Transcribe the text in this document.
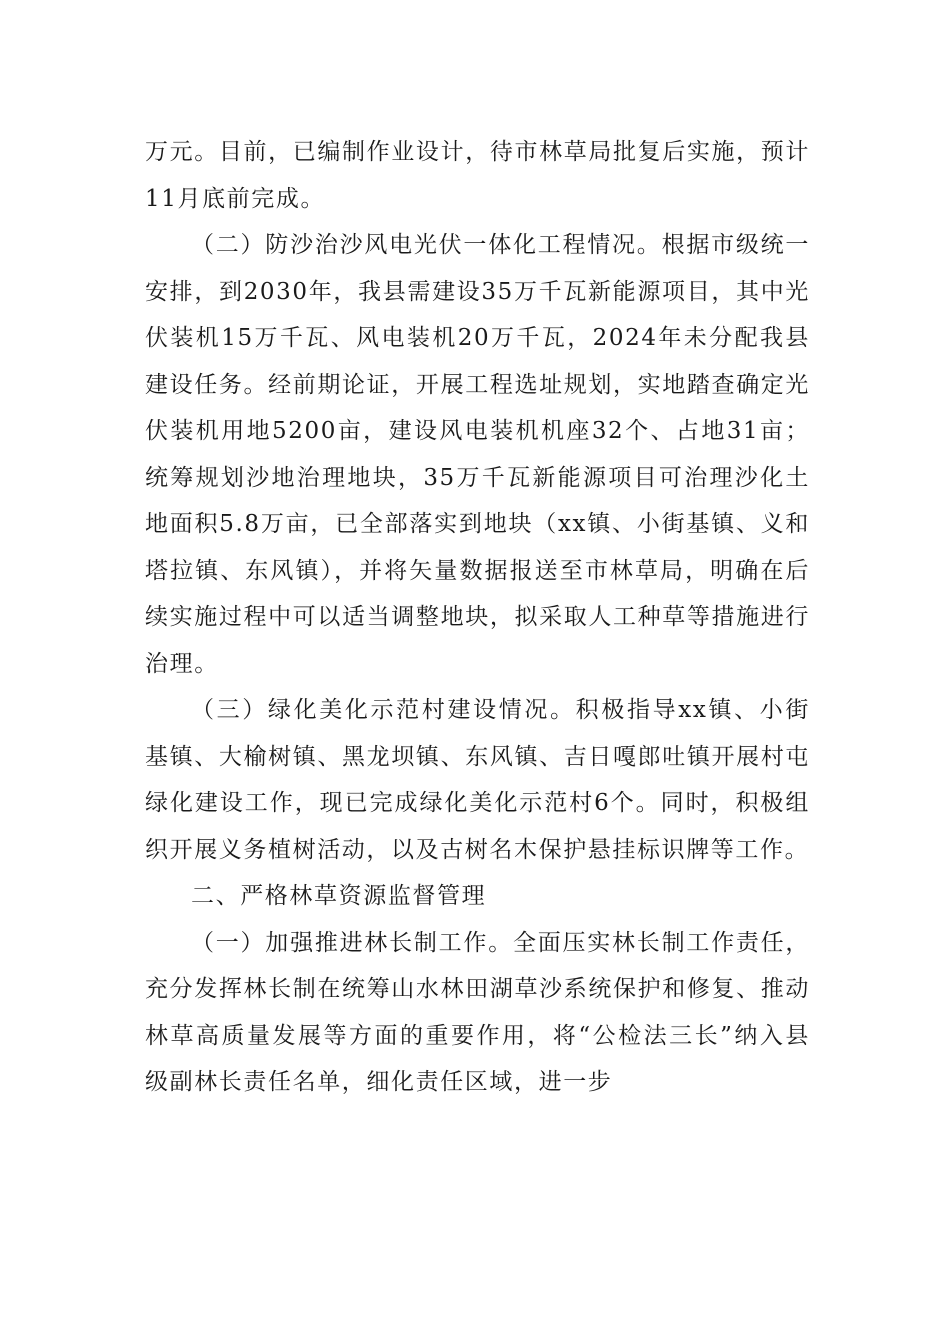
万元。目前，已编制作业设计，待市林草局批复后实施，预计11月底前完成。

（二）防沙治沙风电光伏一体化工程情况。根据市级统一安排，到2030年，我县需建设35万千瓦新能源项目，其中光伏装机15万千瓦、风电装机20万千瓦，2024年未分配我县建设任务。经前期论证，开展工程选址规划，实地踏查确定光伏装机用地5200亩，建设风电装机机座32个、占地31亩；统筹规划沙地治理地块，35万千瓦新能源项目可治理沙化土地面积5.8万亩，已全部落实到地块（xx镇、小街基镇、义和塔拉镇、东风镇），并将矢量数据报送至市林草局，明确在后续实施过程中可以适当调整地块，拟采取人工种草等措施进行治理。

（三）绿化美化示范村建设情况。积极指导xx镇、小街基镇、大榆树镇、黑龙坝镇、东风镇、吉日嘎郎吐镇开展村屯绿化建设工作，现已完成绿化美化示范村6个。同时，积极组织开展义务植树活动，以及古树名木保护悬挂标识牌等工作。

二、严格林草资源监督管理

（一）加强推进林长制工作。全面压实林长制工作责任，充分发挥林长制在统筹山水林田湖草沙系统保护和修复、推动林草高质量发展等方面的重要作用，将“公检法三长”纳入县级副林长责任名单，细化责任区域，进一步
